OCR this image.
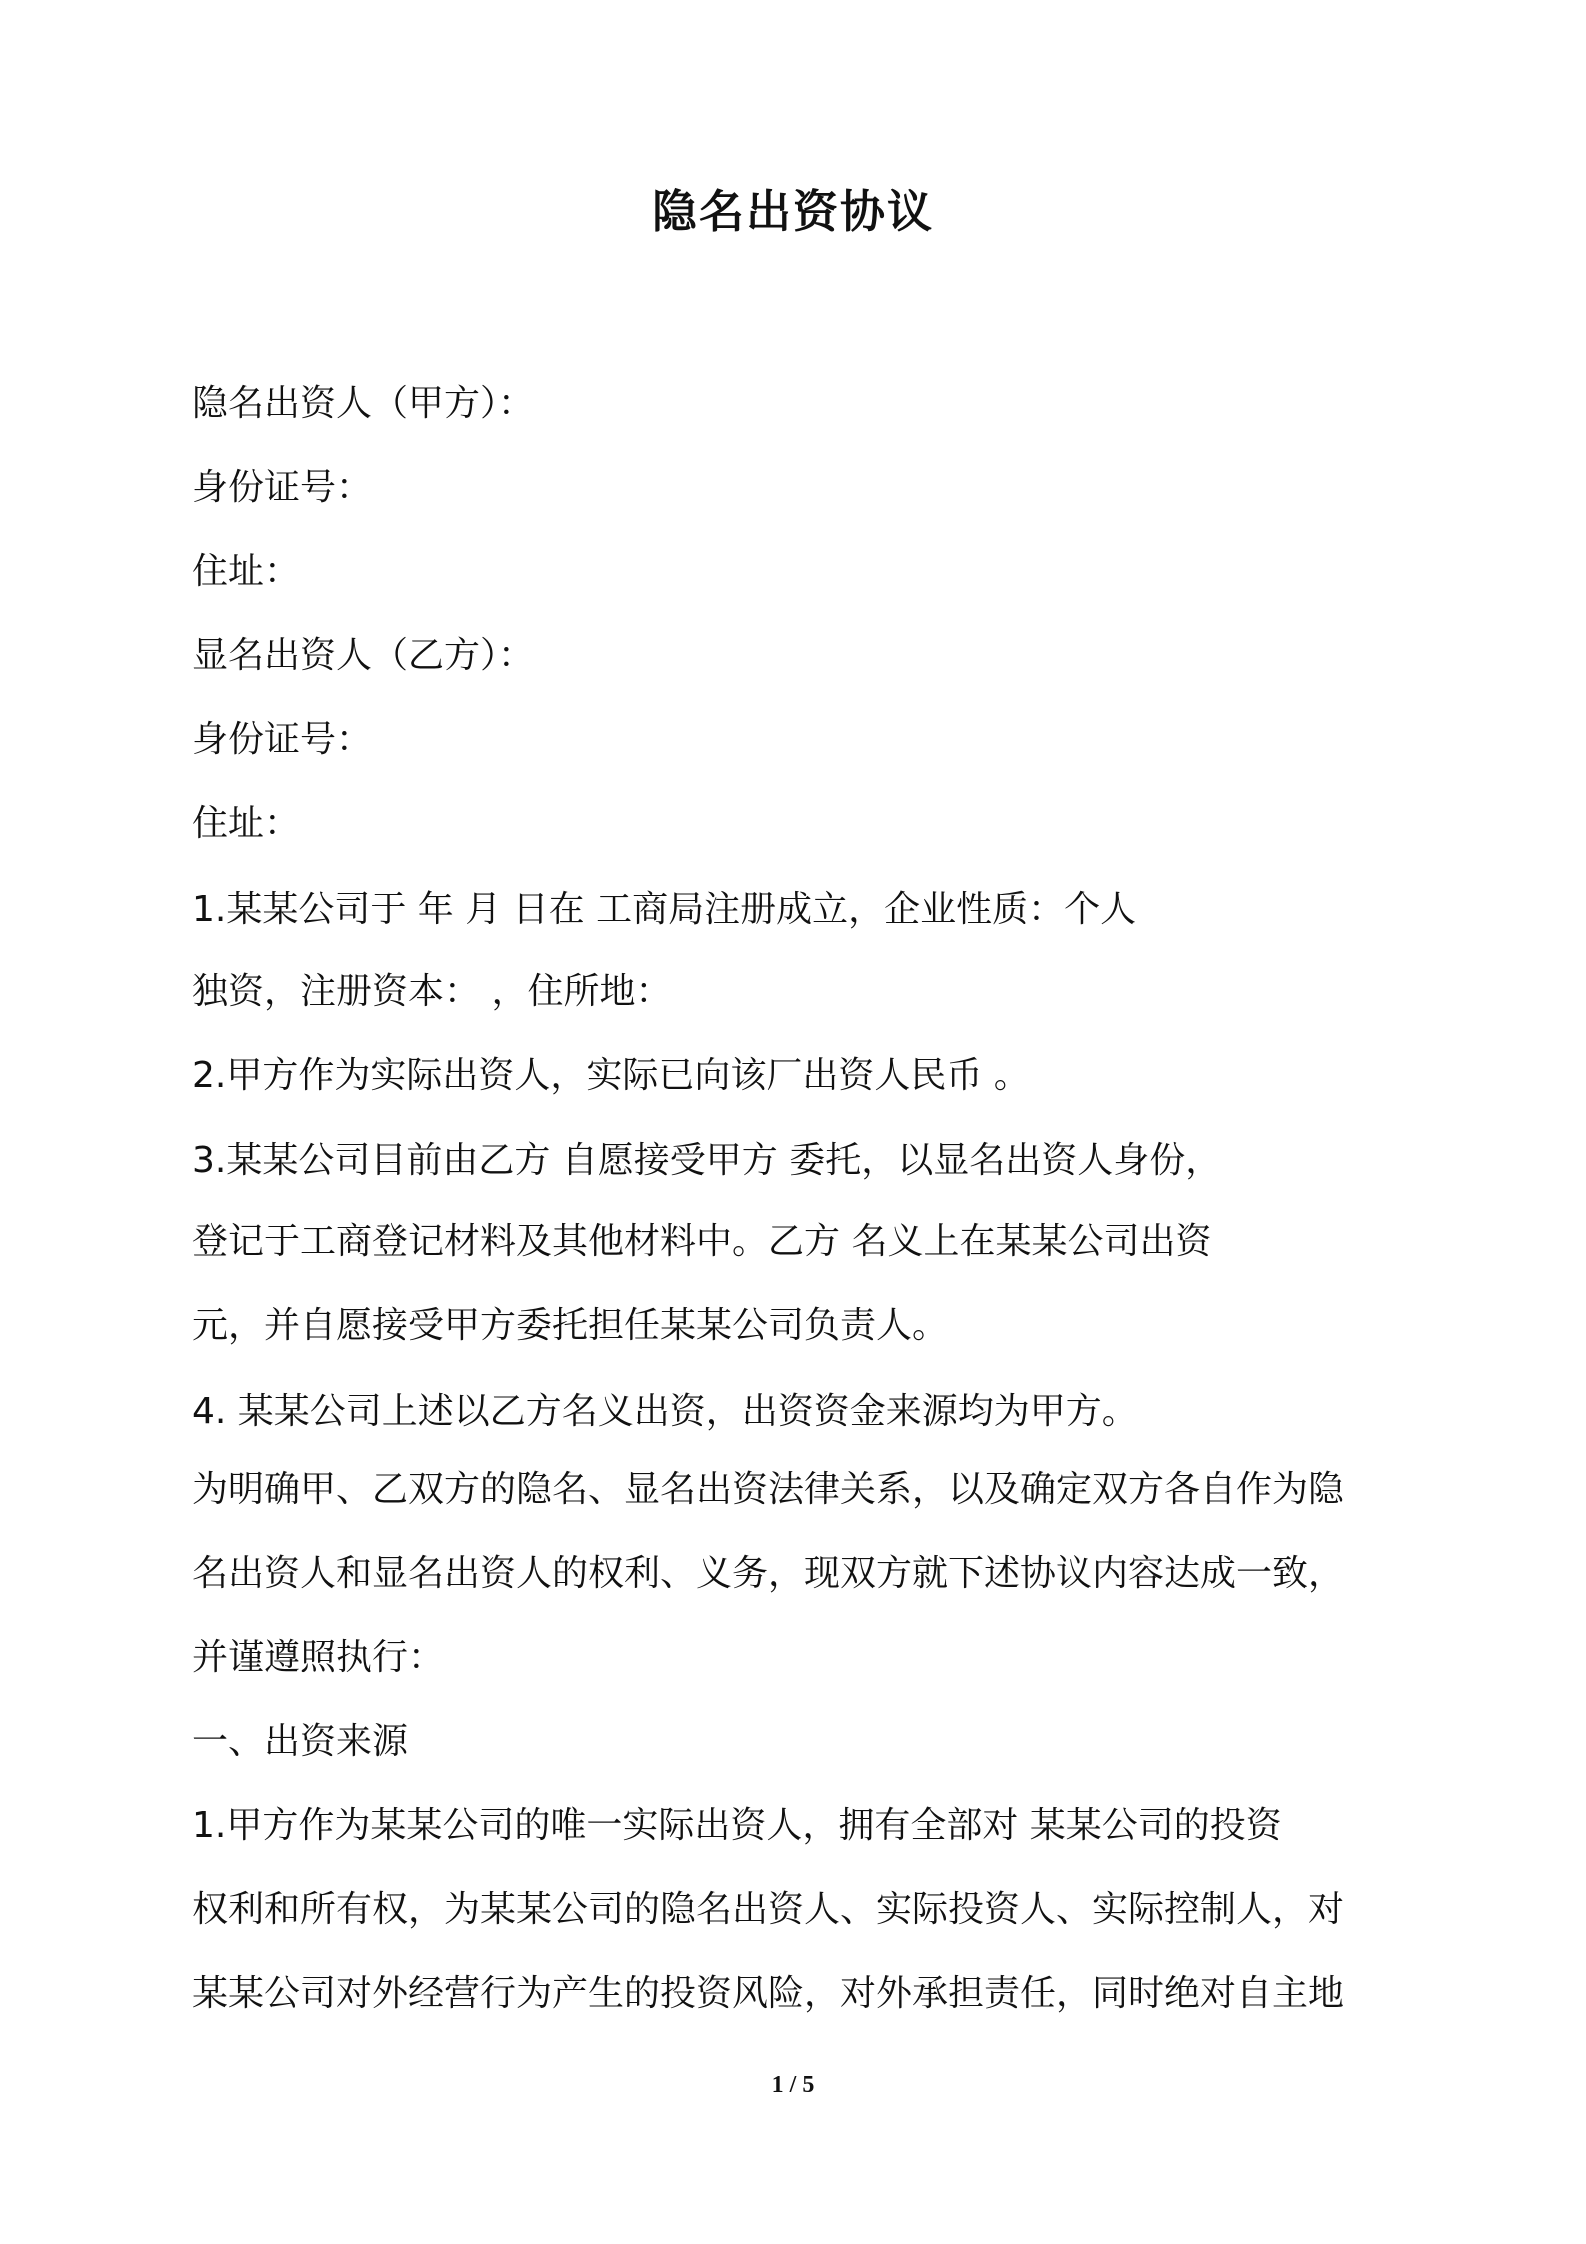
隐名出资协议
隐名出资人（甲方）：
身份证号：
住址：
显名出资人（乙方）：
身份证号：
住址：
1.某某公司于 年 月 日在 工商局注册成立，企业性质：个人
独资，注册资本： ，住所地：
2.甲方作为实际出资人，实际已向该厂出资人民币 。
3.某某公司目前由乙方 自愿接受甲方 委托，以显名出资人身份，
登记于工商登记材料及其他材料中。乙方 名义上在某某公司出资
元，并自愿接受甲方委托担任某某公司负责人。
4. 某某公司上述以乙方名义出资，出资资金来源均为甲方。
为明确甲、乙双方的隐名、显名出资法律关系，以及确定双方各自作为隐
名出资人和显名出资人的权利、义务，现双方就下述协议内容达成一致，
并谨遵照执行：
一、出资来源
1.甲方作为某某公司的唯一实际出资人，拥有全部对 某某公司的投资
权利和所有权，为某某公司的隐名出资人、实际投资人、实际控制人，对
某某公司对外经营行为产生的投资风险，对外承担责任，同时绝对自主地
1 / 5
